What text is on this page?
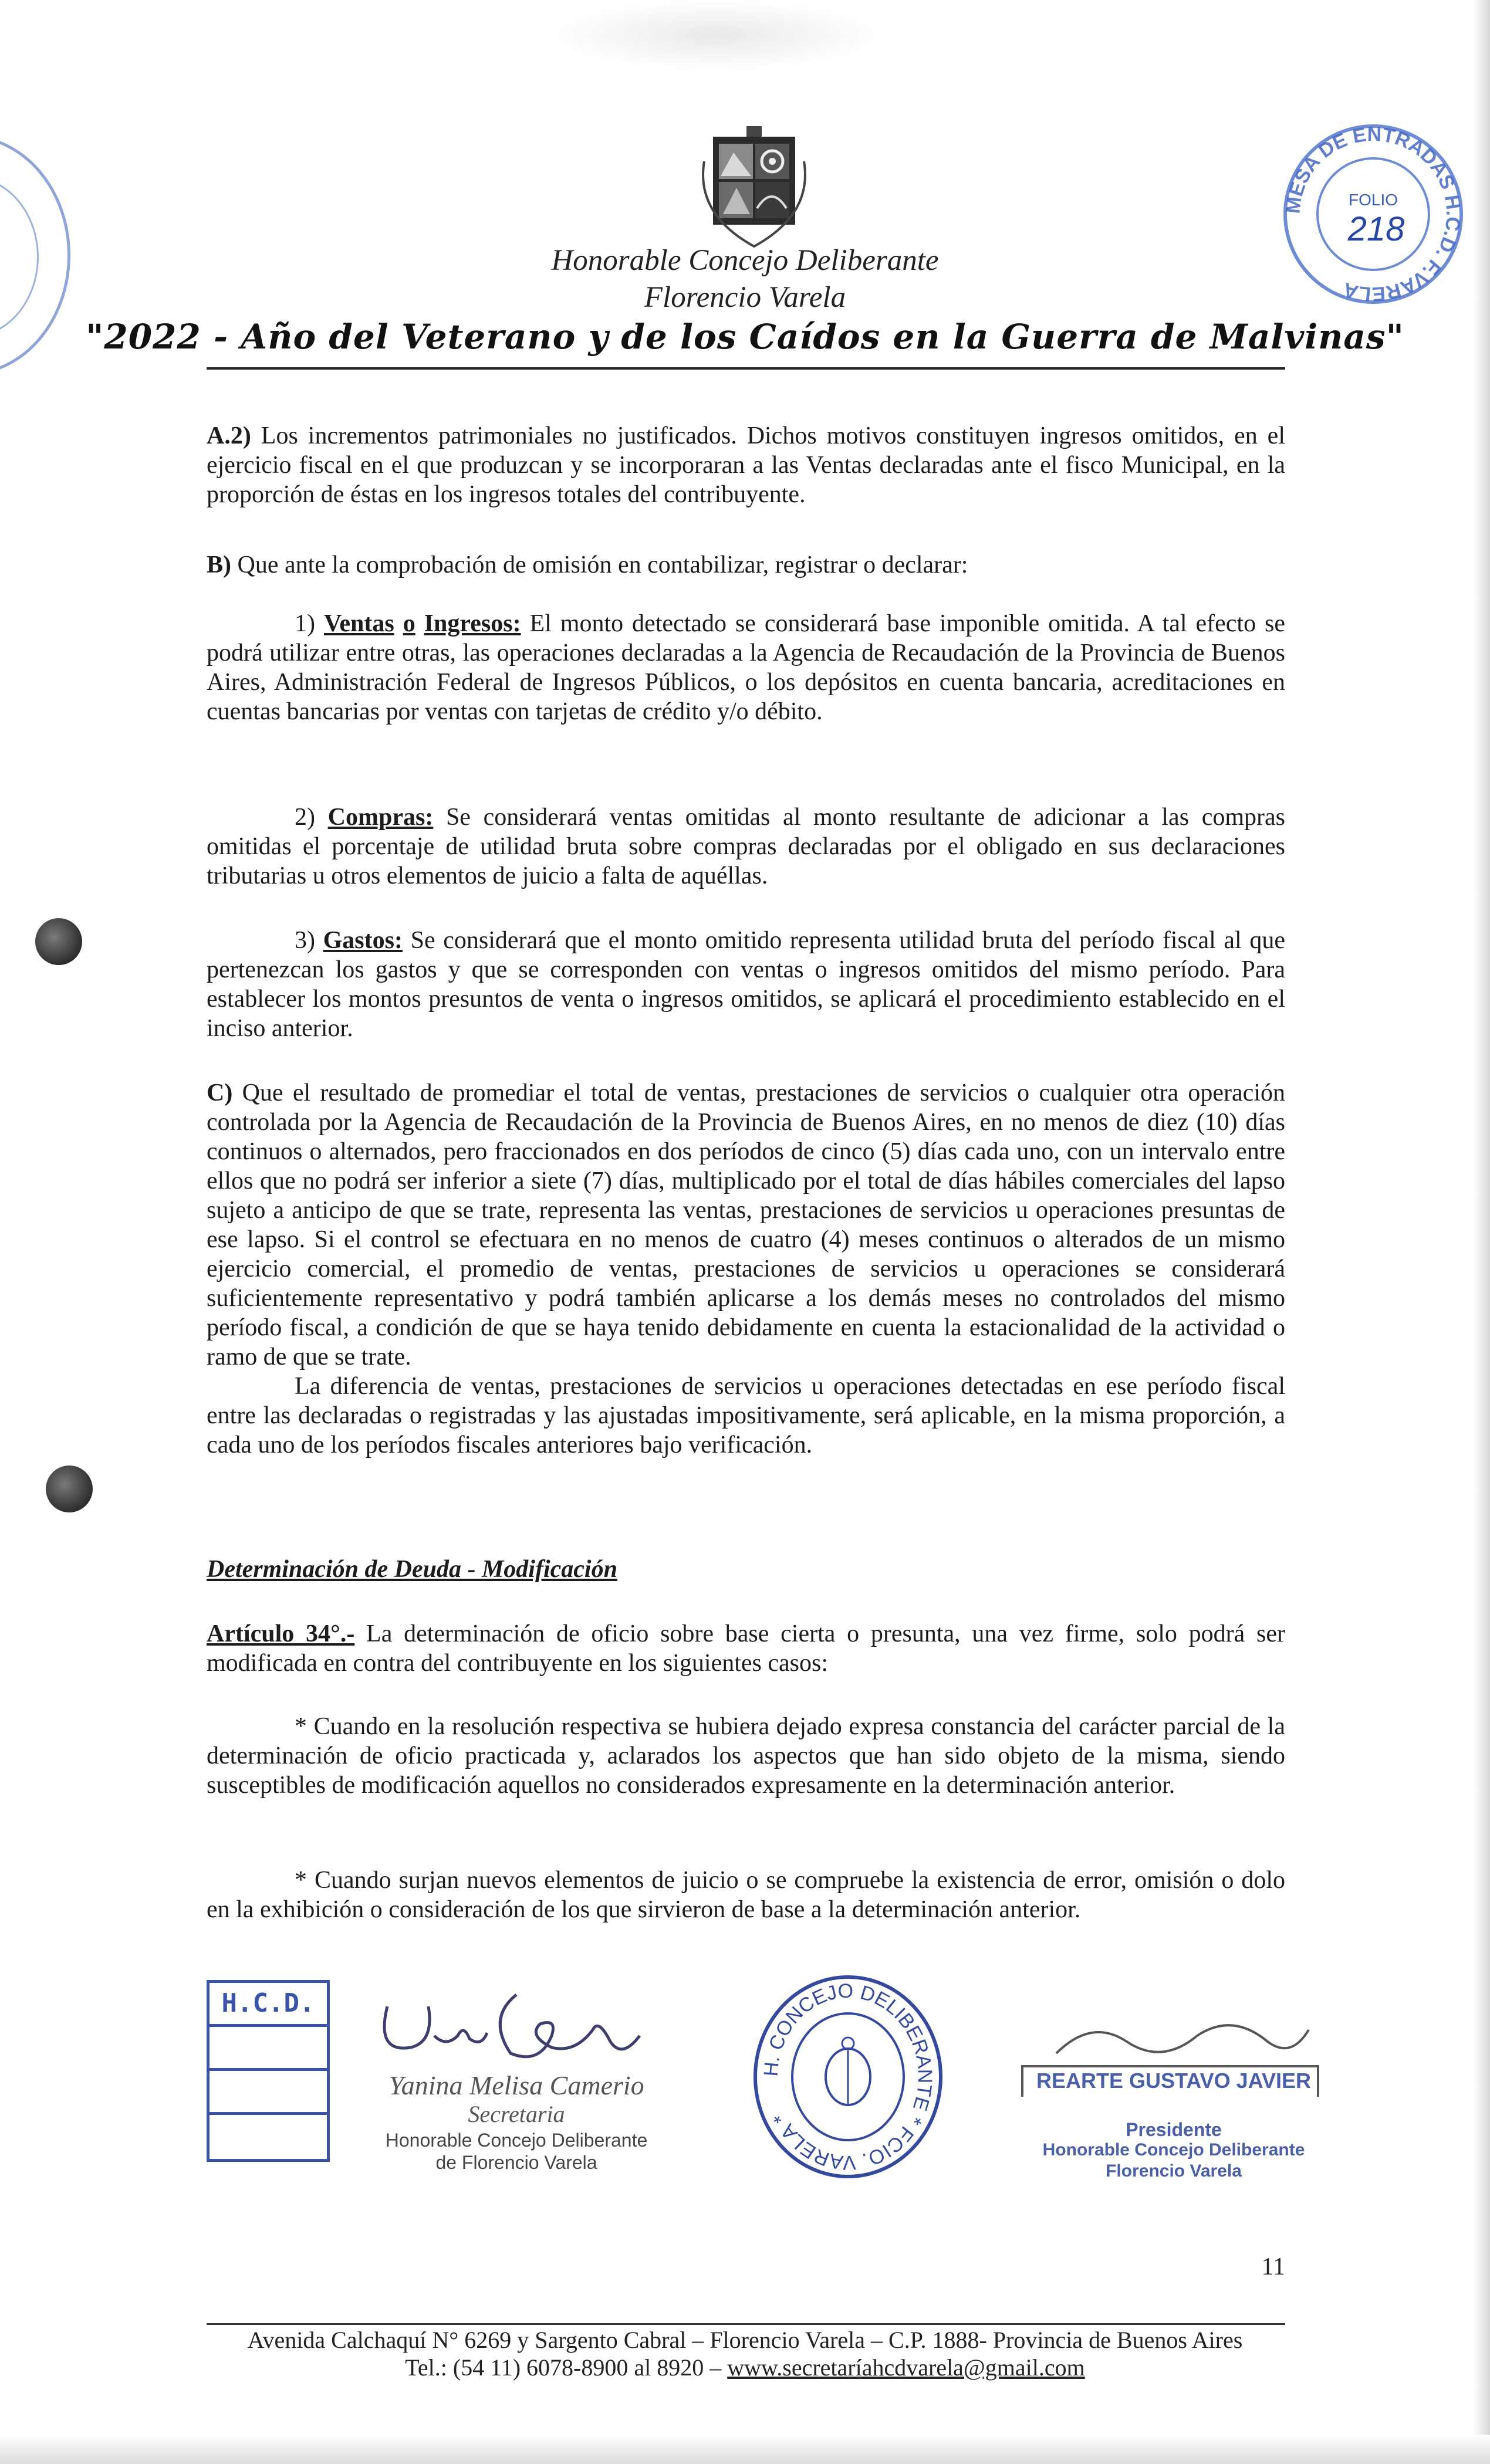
Honorable Concejo Deliberante
Florencio Varela
"2022 - Año del Veterano y de los Caídos en la Guerra de Malvinas"
MESA DE ENTRADAS H.C.D. F.VARELA
FOLIO
218

A.2) Los incrementos patrimoniales no justificados. Dichos motivos constituyen ingresos omitidos, en el ejercicio fiscal en el que produzcan y se incorporaran a las Ventas declaradas ante el fisco Municipal, en la proporción de éstas en los ingresos totales del contribuyente.

B) Que ante la comprobación de omisión en contabilizar, registrar o declarar:

1) Ventas o Ingresos: El monto detectado se considerará base imponible omitida. A tal efecto se podrá utilizar entre otras, las operaciones declaradas a la Agencia de Recaudación de la Provincia de Buenos Aires, Administración Federal de Ingresos Públicos, o los depósitos en cuenta bancaria, acreditaciones en cuentas bancarias por ventas con tarjetas de crédito y/o débito.

2) Compras: Se considerará ventas omitidas al monto resultante de adicionar a las compras omitidas el porcentaje de utilidad bruta sobre compras declaradas por el obligado en sus declaraciones tributarias u otros elementos de juicio a falta de aquéllas.

3) Gastos: Se considerará que el monto omitido representa utilidad bruta del período fiscal al que pertenezcan los gastos y que se corresponden con ventas o ingresos omitidos del mismo período. Para establecer los montos presuntos de venta o ingresos omitidos, se aplicará el procedimiento establecido en el inciso anterior.

C) Que el resultado de promediar el total de ventas, prestaciones de servicios o cualquier otra operación controlada por la Agencia de Recaudación de la Provincia de Buenos Aires, en no menos de diez (10) días continuos o alternados, pero fraccionados en dos períodos de cinco (5) días cada uno, con un intervalo entre ellos que no podrá ser inferior a siete (7) días, multiplicado por el total de días hábiles comerciales del lapso sujeto a anticipo de que se trate, representa las ventas, prestaciones de servicios u operaciones presuntas de ese lapso. Si el control se efectuara en no menos de cuatro (4) meses continuos o alterados de un mismo ejercicio comercial, el promedio de ventas, prestaciones de servicios u operaciones se considerará suficientemente representativo y podrá también aplicarse a los demás meses no controlados del mismo período fiscal, a condición de que se haya tenido debidamente en cuenta la estacionalidad de la actividad o ramo de que se trate.

La diferencia de ventas, prestaciones de servicios u operaciones detectadas en ese período fiscal entre las declaradas o registradas y las ajustadas impositivamente, será aplicable, en la misma proporción, a cada uno de los períodos fiscales anteriores bajo verificación.

Determinación de Deuda - Modificación

Artículo 34°.- La determinación de oficio sobre base cierta o presunta, una vez firme, solo podrá ser modificada en contra del contribuyente en los siguientes casos:

* Cuando en la resolución respectiva se hubiera dejado expresa constancia del carácter parcial de la determinación de oficio practicada y, aclarados los aspectos que han sido objeto de la misma, siendo susceptibles de modificación aquellos no considerados expresamente en la determinación anterior.

* Cuando surjan nuevos elementos de juicio o se compruebe la existencia de error, omisión o dolo en la exhibición o consideración de los que sirvieron de base a la determinación anterior.

H.C.D.
Yanina Melisa Camerio
Secretaria
Honorable Concejo Deliberante
de Florencio Varela
H. CONCEJO DELIBERANTE * FCIO. VARELA *
REARTE GUSTAVO JAVIER
Presidente
Honorable Concejo Deliberante
Florencio Varela
11
Avenida Calchaquí N° 6269 y Sargento Cabral – Florencio Varela – C.P. 1888- Provincia de Buenos Aires
Tel.: (54 11) 6078-8900 al 8920 – www.secretaríahcdvarela@gmail.com
